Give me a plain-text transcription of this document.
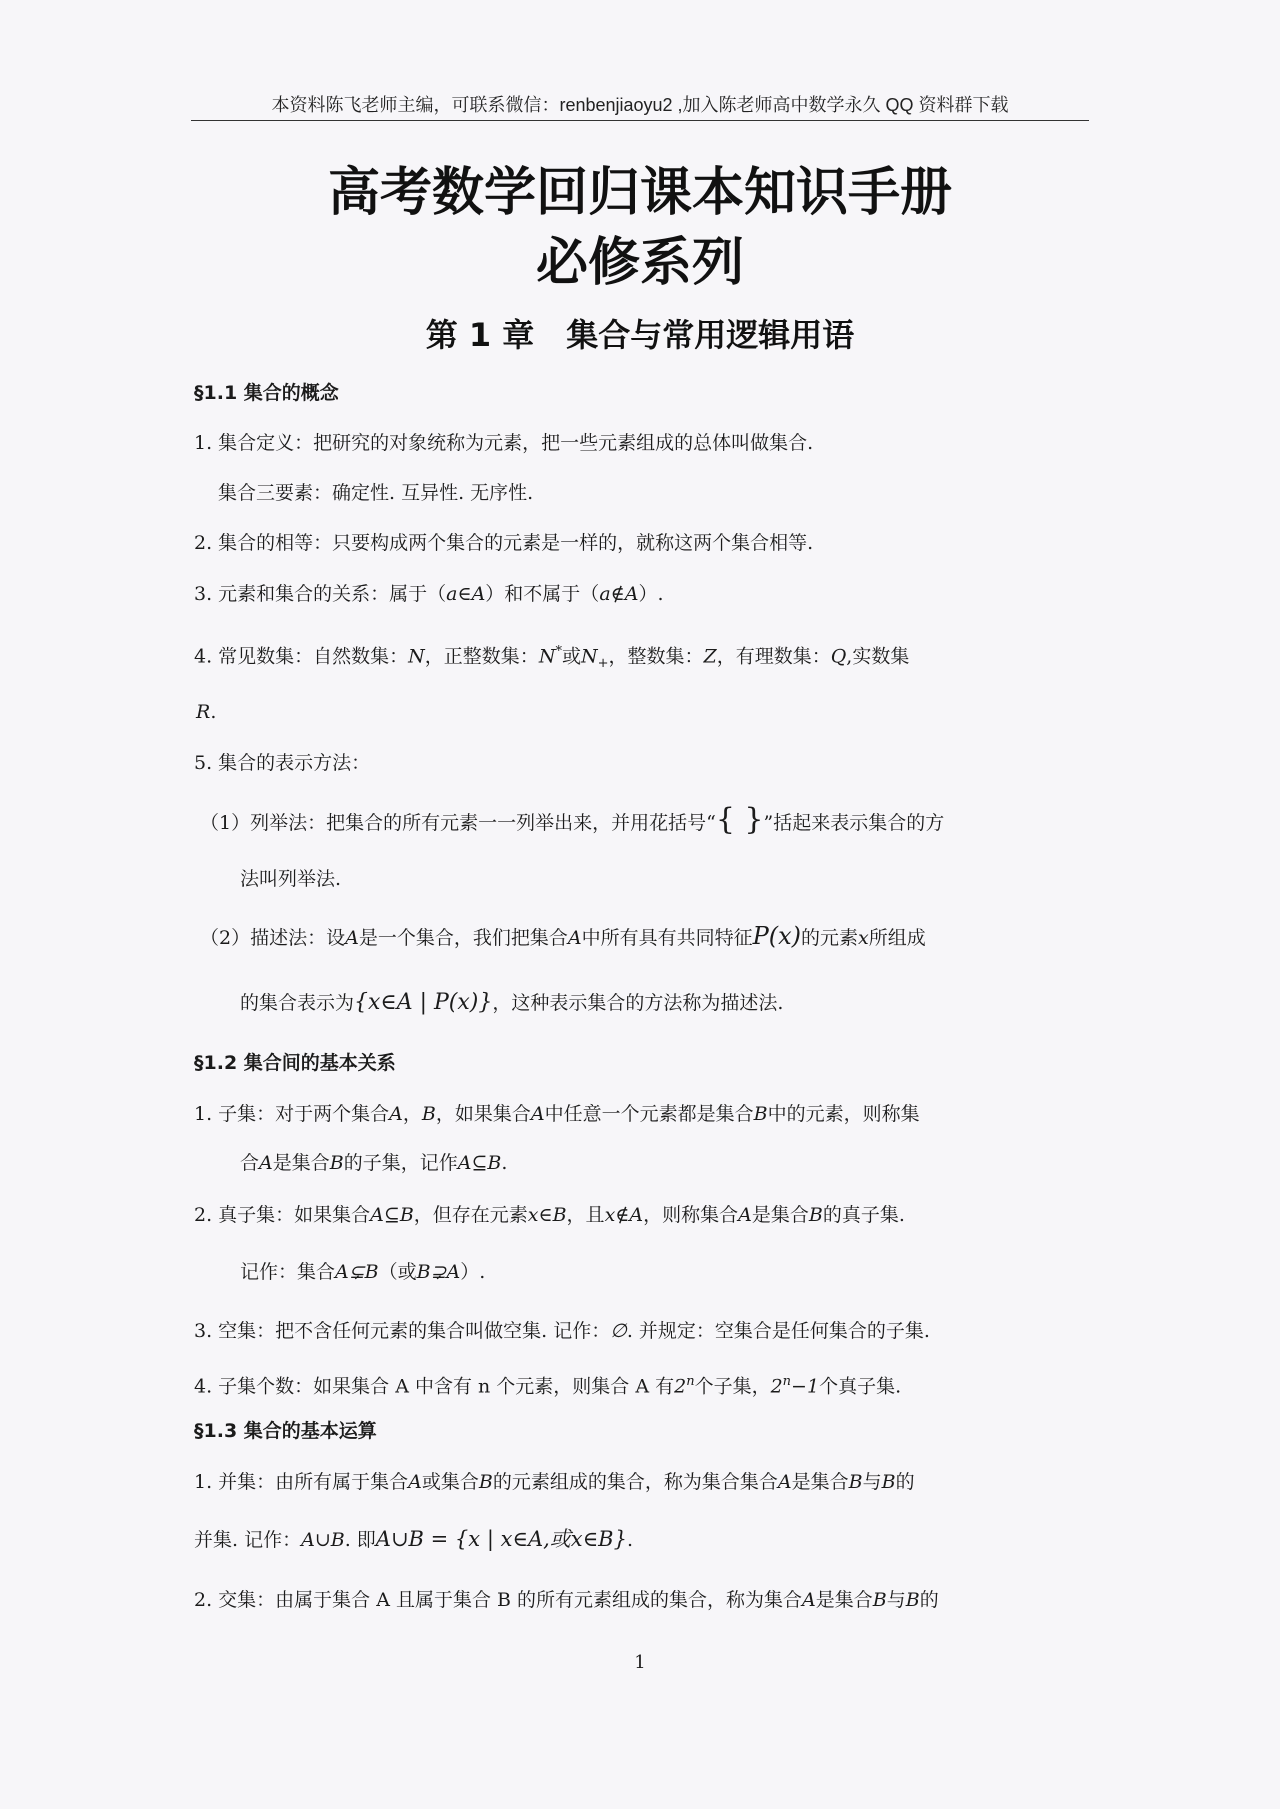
本资料陈飞老师主编，可联系微信：renbenjiaoyu2 ,加入陈老师高中数学永久 QQ 资料群下载
高考数学回归课本知识手册
必修系列
第 1 章　集合与常用逻辑用语
§1.1 集合的概念
1. 集合定义：把研究的对象统称为元素，把一些元素组成的总体叫做集合.
集合三要素：确定性. 互异性. 无序性.
2. 集合的相等：只要构成两个集合的元素是一样的，就称这两个集合相等.
3. 元素和集合的关系：属于（a∈A）和不属于（a∉A）.
4. 常见数集：自然数集：N，正整数集：N*或$N_+$，整数集：Z，有理数集：Q,实数集
R.
5. 集合的表示方法：
（1）列举法：把集合的所有元素一一列举出来，并用花括号“{ }”括起来表示集合的方
法叫列举法.
（2）描述法：设A是一个集合，我们把集合A中所有具有共同特征P(x)的元素x所组成
的集合表示为{x∈A | P(x)}，这种表示集合的方法称为描述法.
§1.2 集合间的基本关系
1. 子集：对于两个集合A，B，如果集合A中任意一个元素都是集合B中的元素，则称集
合A是集合B的子集，记作A⊆B.
2. 真子集：如果集合A⊆B，但存在元素x∈B，且x∉A，则称集合A是集合B的真子集.
记作：集合A⊊B（或B⊋A）.
3. 空集：把不含任何元素的集合叫做空集. 记作：∅. 并规定：空集合是任何集合的子集.
4. 子集个数：如果集合 A 中含有 n 个元素，则集合 A 有2$^n$个子集，$2^n-1$个真子集.
§1.3 集合的基本运算
1. 并集：由所有属于集合A或集合B的元素组成的集合，称为集合集合A是集合B与B的
并集. 记作：A∪B. 即A∪B = {x | x∈A,或x∈B}.
2. 交集：由属于集合 A 且属于集合 B 的所有元素组成的集合，称为集合A是集合B与B的
1
